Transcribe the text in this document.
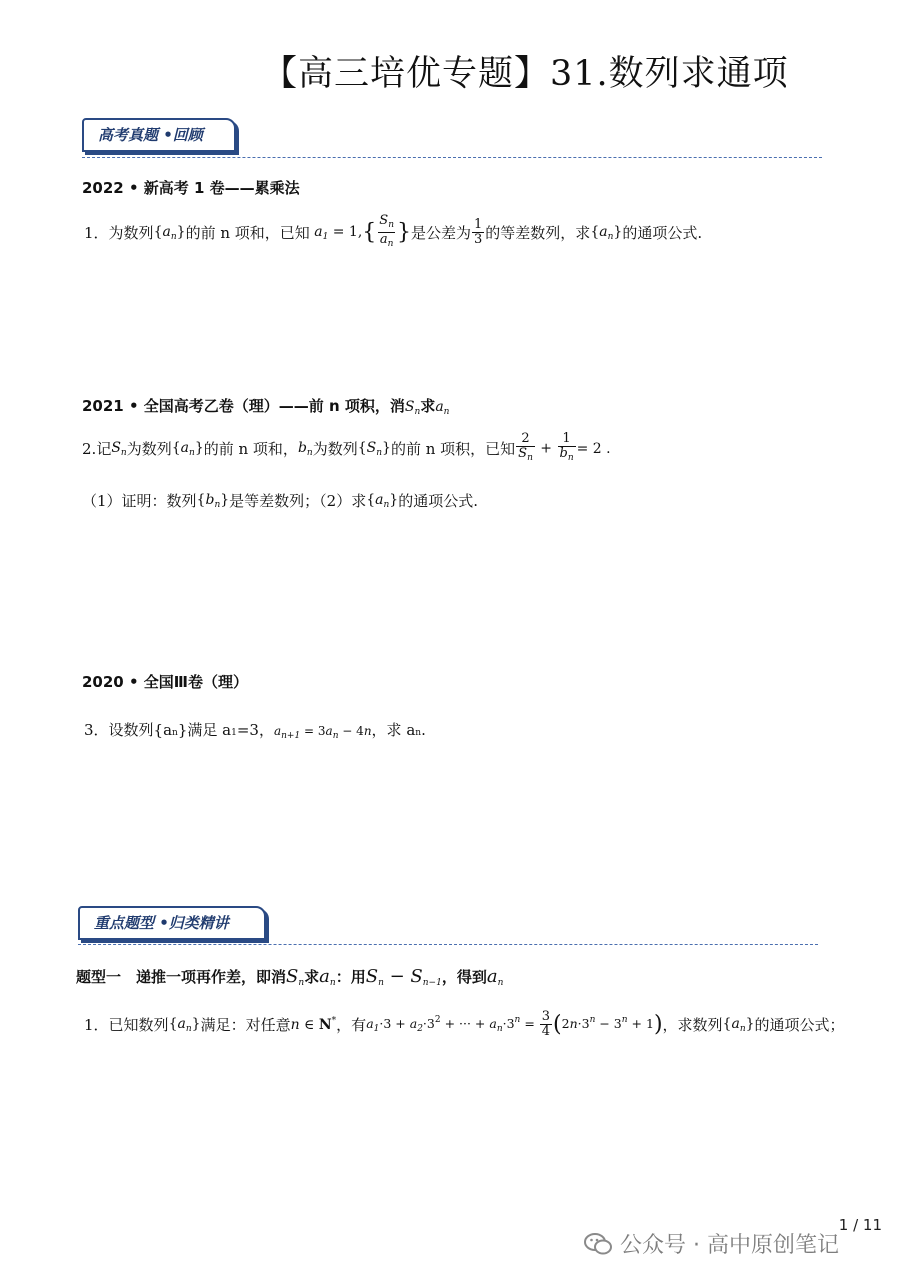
【高三培优专题】31.数列求通项
高考真题 •回顾
2022 • 新高考 1 卷——累乘法
1． 为数列 $\{a_n\}$ 的前 n 项和，已知 $a_1 = 1$, { $\frac{S_n}{a_n}$ } 是公差为 $\frac{1}{3}$ 的等差数列，求 $\{a_n\}$ 的通项公式.
2021 • 全国高考乙卷（理）——前 n 项积，消 $S_n$ 求 $a_n$
2. 记 $S_n$ 为数列 $\{a_n\}$ 的前 n 项和， $b_n$ 为数列 $\{S_n\}$ 的前 n 项积，已知 $\frac{2}{S_n} + \frac{1}{b_n} = 2$ .
（1）证明：数列 $\{b_n\}$ 是等差数列；（2）求 $\{a_n\}$ 的通项公式.
2020 • 全国Ⅲ卷（理）
3． 设数列{$a_n$ }满足 $a_1 =3$， $a_{n+1} = 3a_n - 4n$ ，求 $a_n$ .
重点题型 •归类精讲
题型一　递推一项再作差，即消 $S_n$ 求 $a_n$ ：用 $S_n - S_{n-1}$ ，得到 $a_n$
1． 已知数列 $\{a_n\}$ 满足：对任意 n ∈ N* ，有 $a_1\cdot 3 + a_2\cdot 3^2$ + ··· + $a_n\cdot 3^n = \frac{3}{4} (2n\cdot 3^n - 3^n + 1)$ ，求数列 $\{a_n\}$ 的通项公式；
1 / 11
公众号 · 高中原创笔记
